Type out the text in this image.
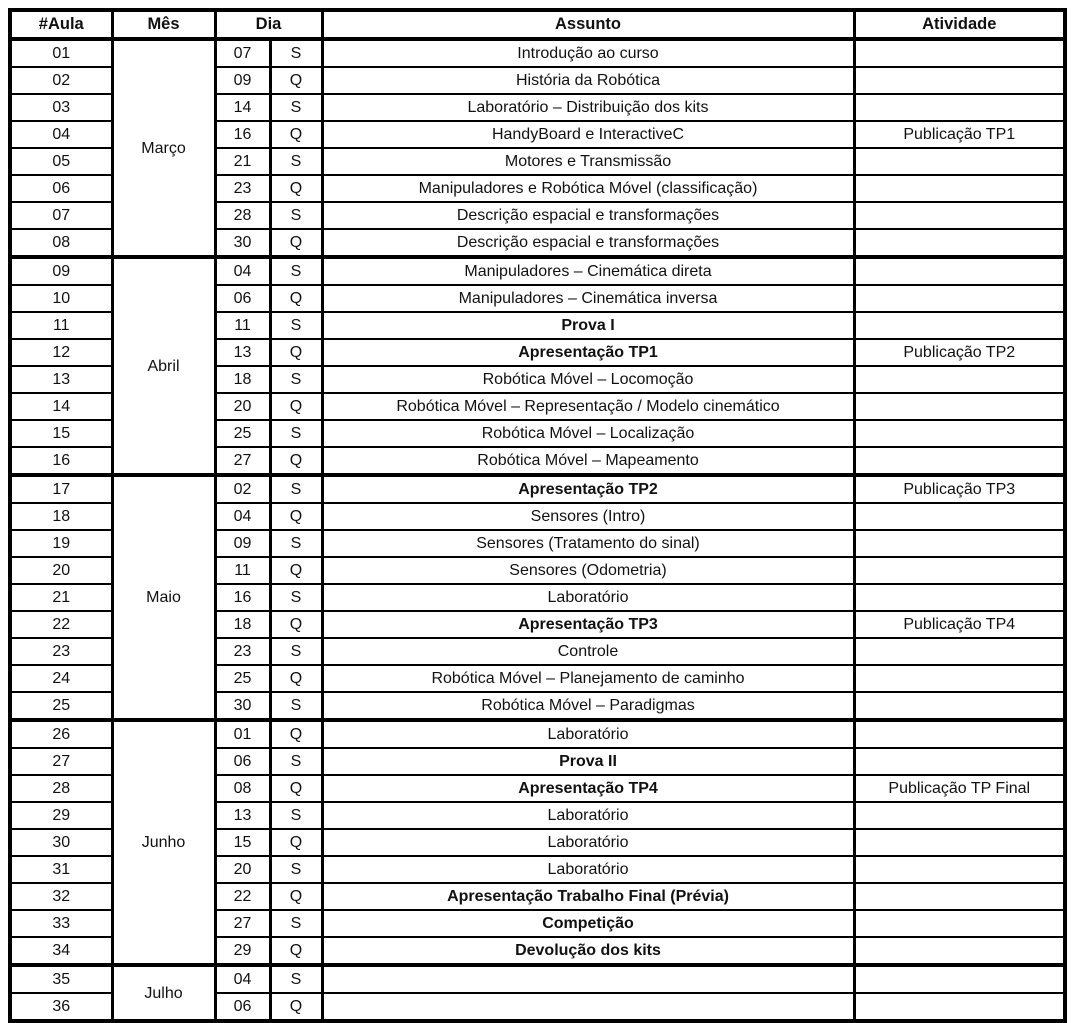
#Aula	Mês	Dia		Assunto	Atividade
01	Março	07	S	Introdução ao curso	
02		09	Q	História da Robótica	
03		14	S	Laboratório – Distribuição dos kits	
04		16	Q	HandyBoard e InteractiveC	Publicação TP1
05		21	S	Motores e Transmissão	
06		23	Q	Manipuladores e Robótica Móvel (classificação)	
07		28	S	Descrição espacial e transformações	
08		30	Q	Descrição espacial e transformações	
09	Abril	04	S	Manipuladores – Cinemática direta	
10		06	Q	Manipuladores – Cinemática inversa	
11		11	S	Prova I	
12		13	Q	Apresentação TP1	Publicação TP2
13		18	S	Robótica Móvel – Locomoção	
14		20	Q	Robótica Móvel – Representação / Modelo cinemático	
15		25	S	Robótica Móvel – Localização	
16		27	Q	Robótica Móvel – Mapeamento	
17	Maio	02	S	Apresentação TP2	Publicação TP3
18		04	Q	Sensores (Intro)	
19		09	S	Sensores (Tratamento do sinal)	
20		11	Q	Sensores (Odometria)	
21		16	S	Laboratório	
22		18	Q	Apresentação TP3	Publicação TP4
23		23	S	Controle	
24		25	Q	Robótica Móvel – Planejamento de caminho	
25		30	S	Robótica Móvel – Paradigmas	
26	Junho	01	Q	Laboratório	
27		06	S	Prova II	
28		08	Q	Apresentação TP4	Publicação TP Final
29		13	S	Laboratório	
30		15	Q	Laboratório	
31		20	S	Laboratório	
32		22	Q	Apresentação Trabalho Final (Prévia)	
33		27	S	Competição	
34		29	Q	Devolução dos kits	
35	Julho	04	S		
36		06	Q		
